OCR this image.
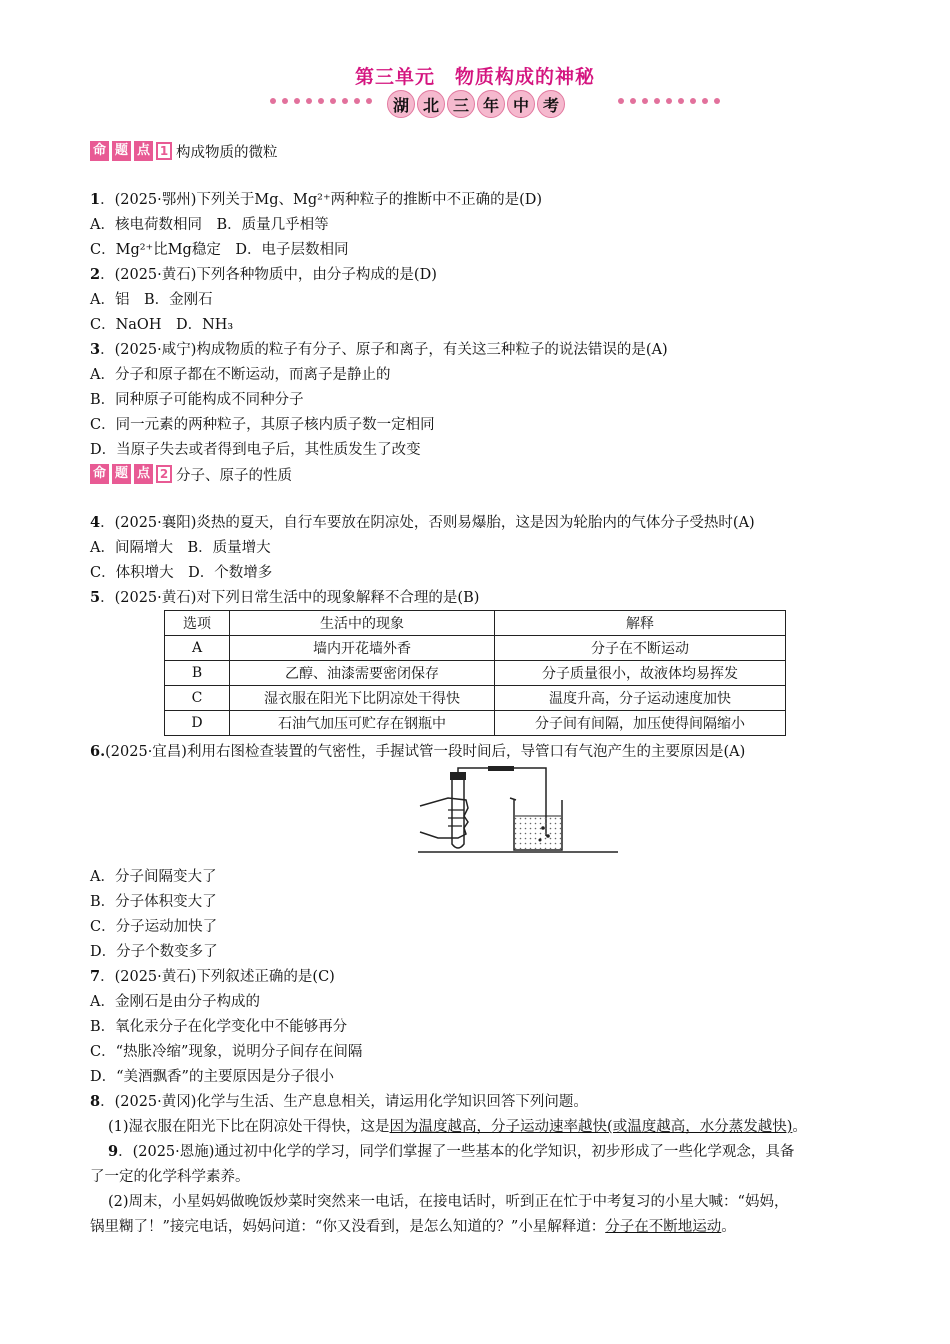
第三单元　物质构成的神秘
湖 北 三 年 中 考
命 题 点 1 构成物质的微粒
1．(2025·鄂州)下列关于Mg、Mg²⁺两种粒子的推断中不正确的是(D)
A．核电荷数相同　B．质量几乎相等
C．Mg²⁺比Mg稳定　D．电子层数相同
2．(2025·黄石)下列各种物质中，由分子构成的是(D)
A．铝　B．金刚石
C．NaOH　D．NH₃
3．(2025·咸宁)构成物质的粒子有分子、原子和离子，有关这三种粒子的说法错误的是(A)
A．分子和原子都在不断运动，而离子是静止的
B．同种原子可能构成不同种分子
C．同一元素的两种粒子，其原子核内质子数一定相同
D．当原子失去或者得到电子后，其性质发生了改变
命 题 点 2 分子、原子的性质
4．(2025·襄阳)炎热的夏天，自行车要放在阴凉处，否则易爆胎，这是因为轮胎内的气体分子受热时(A)
A．间隔增大　B．质量增大
C．体积增大　D．个数增多
5．(2025·黄石)对下列日常生活中的现象解释不合理的是(B)
选项	生活中的现象	解释
A	墙内开花墙外香	分子在不断运动
B	乙醇、油漆需要密闭保存	分子质量很小，故液体均易挥发
C	湿衣服在阳光下比阴凉处干得快	温度升高，分子运动速度加快
D	石油气加压可贮存在钢瓶中	分子间有间隔，加压使得间隔缩小
6.(2025·宜昌)利用右图检查装置的气密性，手握试管一段时间后，导管口有气泡产生的主要原因是(A)
A．分子间隔变大了
B．分子体积变大了
C．分子运动加快了
D．分子个数变多了
7．(2025·黄石)下列叙述正确的是(C)
A．金刚石是由分子构成的
B．氧化汞分子在化学变化中不能够再分
C．“热胀冷缩”现象，说明分子间存在间隔
D．“美酒飘香”的主要原因是分子很小
8．(2025·黄冈)化学与生活、生产息息相关，请运用化学知识回答下列问题。
(1)湿衣服在阳光下比在阴凉处干得快，这是因为温度越高，分子运动速率越快(或温度越高，水分蒸发越快)。
9．(2025·恩施)通过初中化学的学习，同学们掌握了一些基本的化学知识，初步形成了一些化学观念，具备
了一定的化学科学素养。
(2)周末，小星妈妈做晚饭炒菜时突然来一电话，在接电话时，听到正在忙于中考复习的小星大喊：“妈妈，
锅里糊了！”接完电话，妈妈问道：“你又没看到，是怎么知道的？”小星解释道：分子在不断地运动。
